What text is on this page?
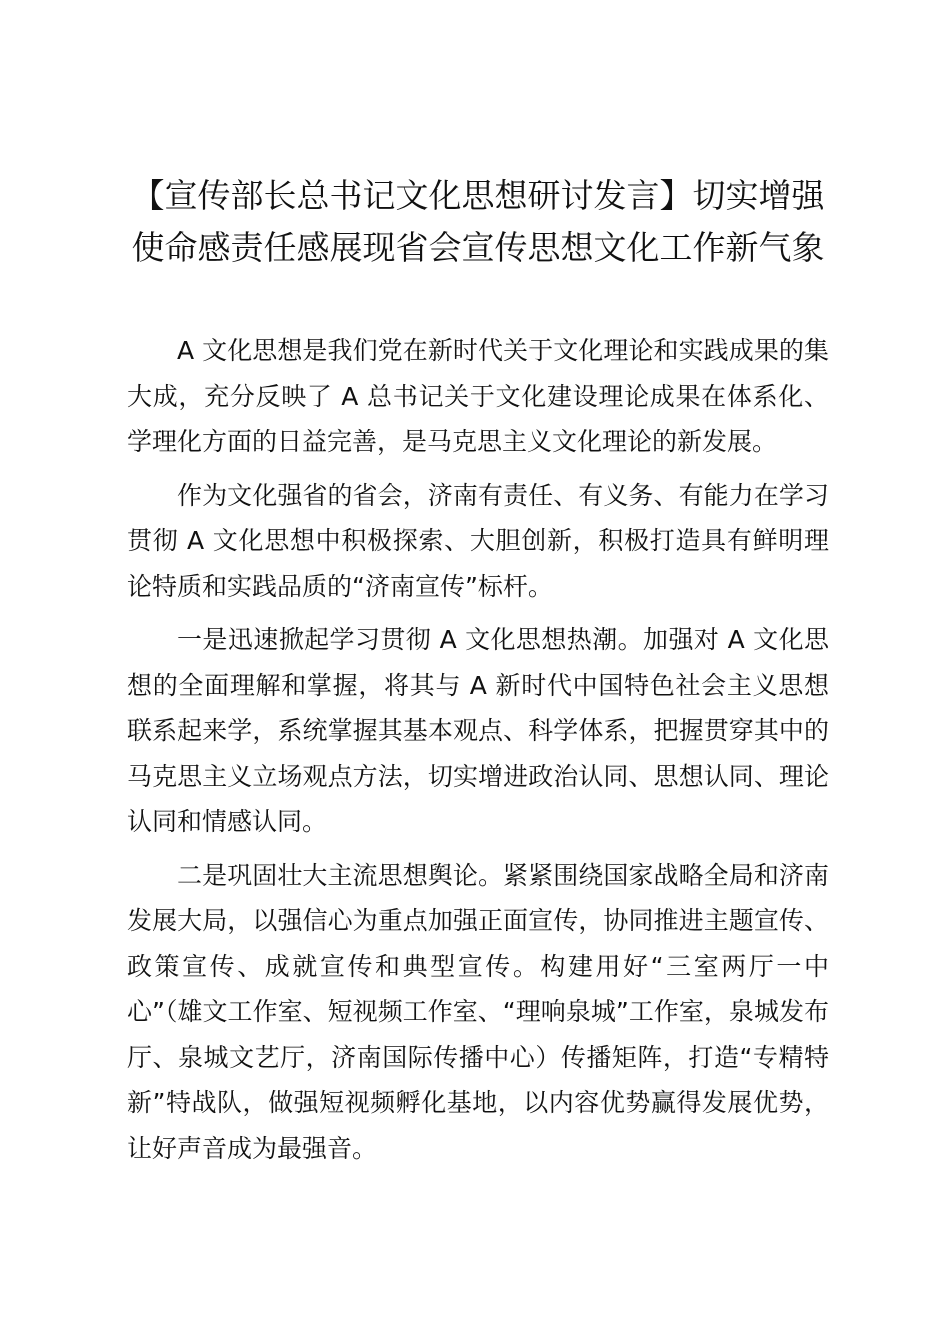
【宣传部长总书记文化思想研讨发言】切实增强使命感责任感展现省会宣传思想文化工作新气象

A 文化思想是我们党在新时代关于文化理论和实践成果的集大成，充分反映了 A 总书记关于文化建设理论成果在体系化、学理化方面的日益完善，是马克思主义文化理论的新发展。

作为文化强省的省会，济南有责任、有义务、有能力在学习贯彻 A 文化思想中积极探索、大胆创新，积极打造具有鲜明理论特质和实践品质的“济南宣传”标杆。

一是迅速掀起学习贯彻 A 文化思想热潮。加强对 A 文化思想的全面理解和掌握，将其与 A 新时代中国特色社会主义思想联系起来学，系统掌握其基本观点、科学体系，把握贯穿其中的马克思主义立场观点方法，切实增进政治认同、思想认同、理论认同和情感认同。

二是巩固壮大主流思想舆论。紧紧围绕国家战略全局和济南发展大局，以强信心为重点加强正面宣传，协同推进主题宣传、政策宣传、成就宣传和典型宣传。构建用好“三室两厅一中心”（雄文工作室、短视频工作室、“理响泉城”工作室，泉城发布厅、泉城文艺厅，济南国际传播中心）传播矩阵，打造“专精特新”特战队，做强短视频孵化基地，以内容优势赢得发展优势，让好声音成为最强音。
